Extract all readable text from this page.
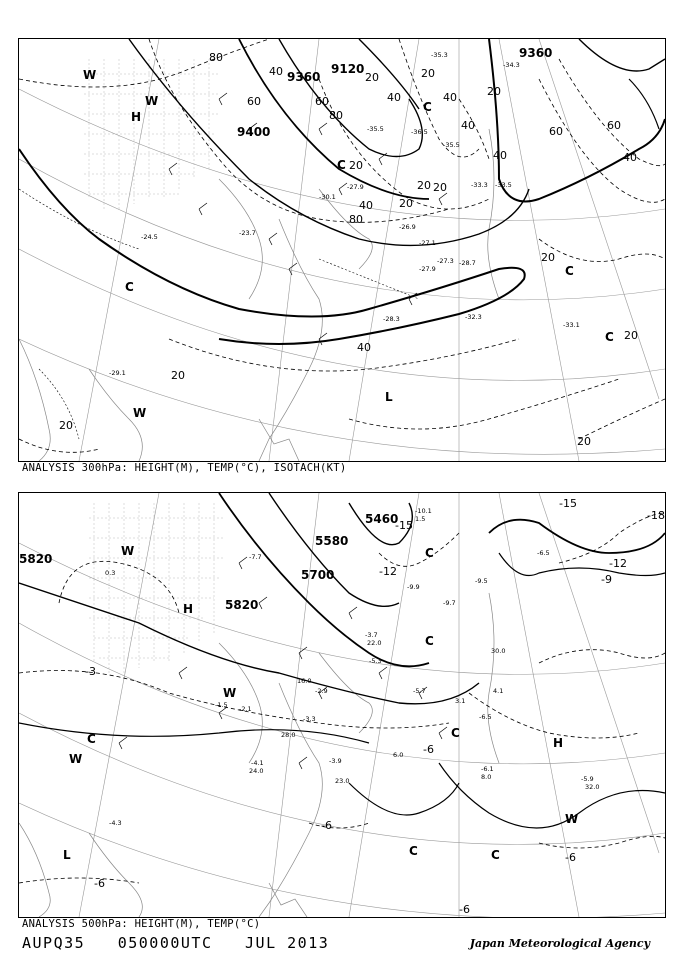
9360
9120
9360
9400
80
40
60
20
40
20
40
60
80
40
20
40
60
20
40
20
80
60
40
20
20
40
20
20
20
20
20
-35.3
-34.3
-35.5	-36.5
-35.5
-27.9	-33.3 -33.5
-27.1
-27.3 -28.7
-26.9
-32.3
-33.1
-29.1
-28.3
-24.5	-23.7
-27.9
-30.1
H
L
W
W	C
C
C
C
C
W
ANALYSIS 300hPa: HEIGHT(M), TEMP(°C), ISOTACH(KT)
5820
5820
5700
5580
5460
-15
-18
-12
-15
-12
-9
-3
-6
-6
-6
-6
-6
-10.1
1.5
-9.5
-9.7
-9.9
-6.5
-3.7
-5.7
-6.5
-6.1
-5.9
-4.3
-3.3
-2.1
-3.9
-1.5
-4.1
-7.7
-5.3
-2.9
24.0
22.0
32.0
16.0
28.0
23.0
30.0
8.0
6.0
3.1
4.1
0.3
H
H
L
W
W
W
W
C
C
C	C
C	C
ANALYSIS 500hPa: HEIGHT(M), TEMP(°C)
AUPQ35 050000UTC JUL 2013	Japan Meteorological Agency
